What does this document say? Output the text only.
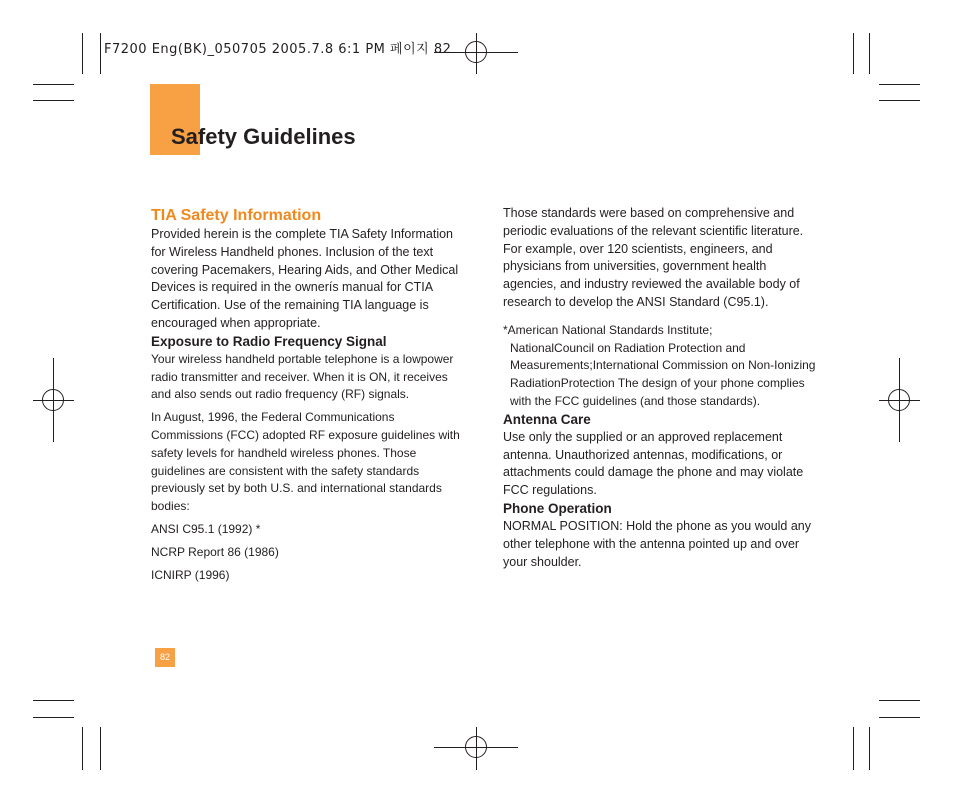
F7200 Eng(BK)_050705 2005.7.8 6:1 PM 페이지 82
Safety Guidelines

TIA Safety Information

Provided herein is the complete TIA Safety Information for Wireless Handheld phones. Inclusion of the text covering Pacemakers, Hearing Aids, and Other Medical Devices is required in the ownerís manual for CTIA Certification. Use of the remaining TIA language is encouraged when appropriate.

Exposure to Radio Frequency Signal

Your wireless handheld portable telephone is a lowpower radio transmitter and receiver. When it is ON, it receives and also sends out radio frequency (RF) signals.

In August, 1996, the Federal Communications Commissions (FCC) adopted RF exposure guidelines with safety levels for handheld wireless phones. Those guidelines are consistent with the safety standards previously set by both U.S. and international standards bodies:

ANSI C95.1 (1992) *

NCRP Report 86 (1986)

ICNIRP (1996)

Those standards were based on comprehensive and periodic evaluations of the relevant scientific literature. For example, over 120 scientists, engineers, and physicians from universities, government health agencies, and industry reviewed the available body of research to develop the ANSI Standard (C95.1).

*American National Standards Institute;
NationalCouncil on Radiation Protection and Measurements;International Commission on Non-Ionizing RadiationProtection The design of your phone complies with the FCC guidelines (and those standards).

Antenna Care

Use only the supplied or an approved replacement antenna. Unauthorized antennas, modifications, or attachments could damage the phone and may violate FCC regulations.

Phone Operation

NORMAL POSITION: Hold the phone as you would any other telephone with the antenna pointed up and over your shoulder.

82
